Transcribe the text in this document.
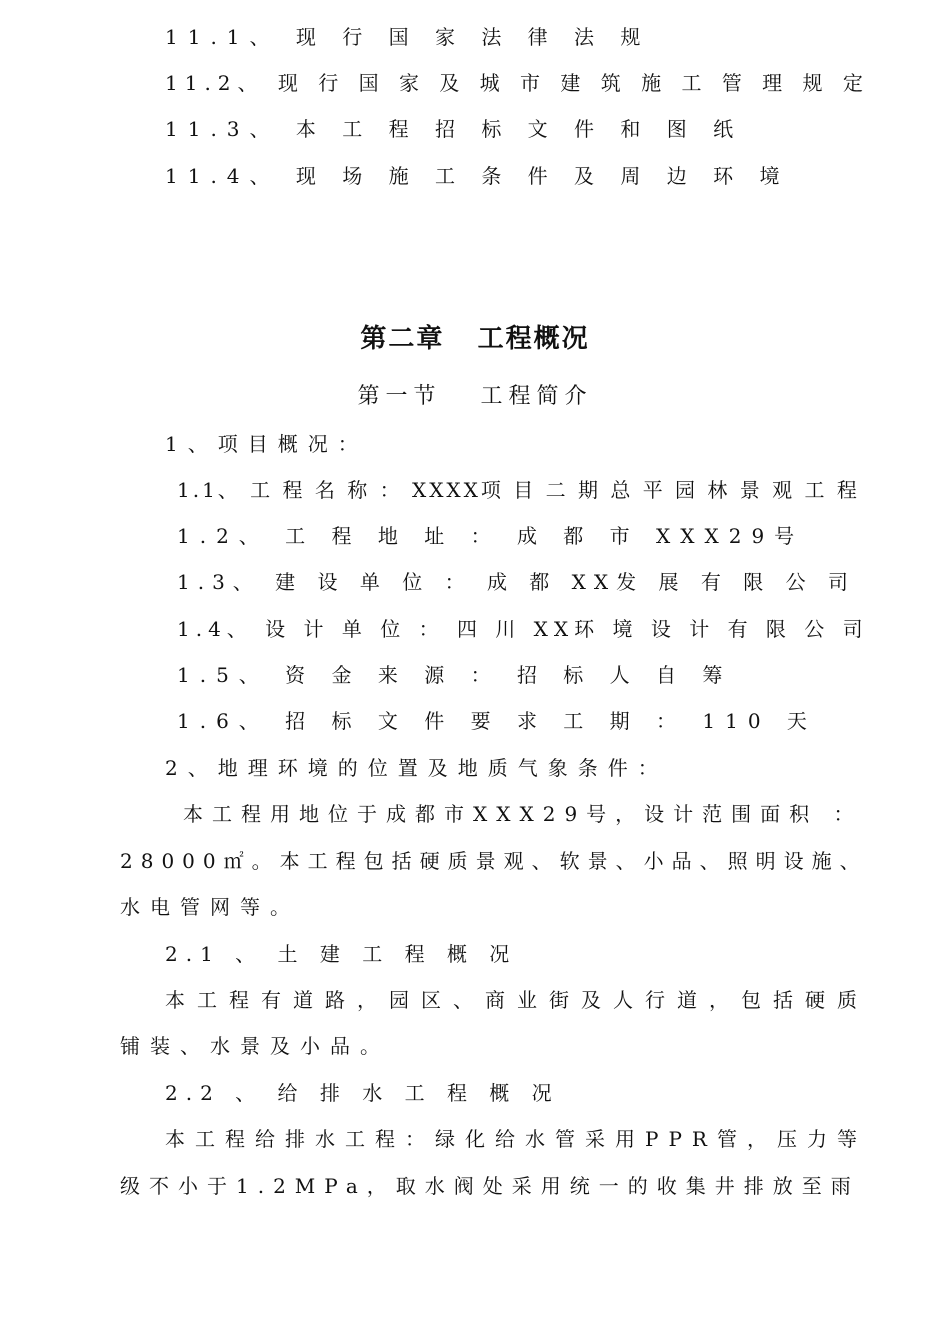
11.1、 现 行 国 家 法 律 法 规
11.2、 现 行 国 家 及 城 市 建 筑 施 工 管 理 规 定
11.3、 本 工 程 招 标 文 件 和 图 纸
11.4、 现 场 施 工 条 件 及 周 边 环 境
第二章   工程概况
第一节   工程简介
1、项目概况：
1.1、 工 程 名 称 ： XXXX项 目 二 期 总 平 园 林 景 观 工 程
1.2、 工 程 地 址 ： 成 都 市 XXX29号
1.3、 建 设 单 位 ： 成 都 XX发 展 有 限 公 司
1.4、 设 计 单 位 ： 四 川 XX环 境 设 计 有 限 公 司
1.5、 资 金 来 源 ： 招 标 人 自 筹
1.6、 招 标 文 件 要 求 工 期 ： 110 天
2、地理环境的位置及地质气象条件：
本工程用地位于成都市XXX29号，设计范围面积 ：
28000㎡。本工程包括硬质景观、软景、小品、照明设施、
水电管网等。
2.1 、 土 建 工 程 概 况
本工程有道路，园区、商业街及人行道，包括硬质
铺装、水景及小品。
2.2 、 给 排 水 工 程 概 况
本工程给排水工程：绿化给水管采用PPR管，压力等
级不小于1.2MPa，取水阀处采用统一的收集井排放至雨
